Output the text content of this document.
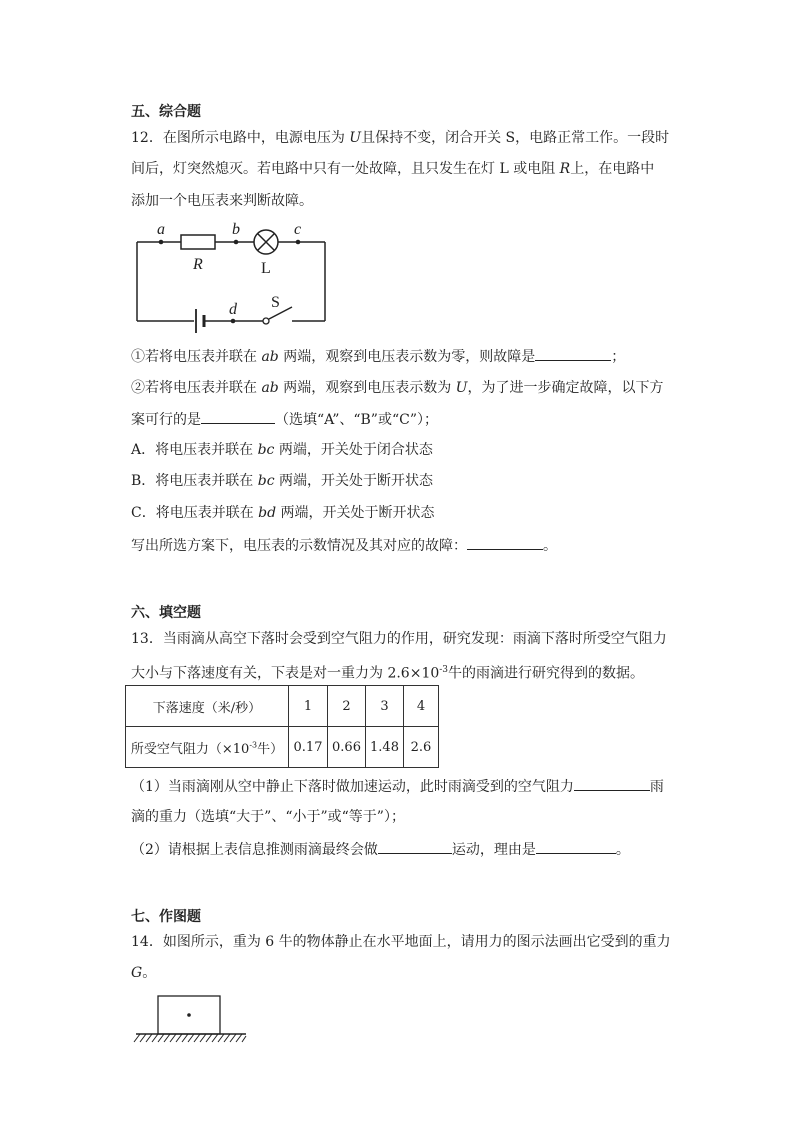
五、综合题
12．在图所示电路中，电源电压为 U且保持不变，闭合开关 S，电路正常工作。一段时
间后，灯突然熄灭。若电路中只有一处故障，且只发生在灯 L 或电阻 R上，在电路中
添加一个电压表来判断故障。
a	b	c
R	L
d S
①若将电压表并联在 ab 两端，观察到电压表示数为零，则故障是	；
②若将电压表并联在 ab 两端，观察到电压表示数为 U，为了进一步确定故障，以下方
案可行的是	（选填“A”、“B”或“C”）；
A．将电压表并联在 bc 两端，开关处于闭合状态
B．将电压表并联在 bc 两端，开关处于断开状态
C．将电压表并联在 bd 两端，开关处于断开状态
写出所选方案下，电压表的示数情况及其对应的故障：	。
六、填空题
13．当雨滴从高空下落时会受到空气阻力的作用，研究发现：雨滴下落时所受空气阻力
大小与下落速度有关，下表是对一重力为 $2.6\times 10^{-3}$牛的雨滴进行研究得到的数据。
下落速度（米/秒）	1	2	3	4
所受空气阻力（$\times 10^{-3}$牛）	0.17	0.66	1.48	2.6
（1）当雨滴刚从空中静止下落时做加速运动，此时雨滴受到的空气阻力	雨
滴的重力（选填“大于”、“小于”或“等于”）；
（2）请根据上表信息推测雨滴最终会做	运动，理由是	。
七、作图题
14．如图所示，重为 6 牛的物体静止在水平地面上，请用力的图示法画出它受到的重力
G。
